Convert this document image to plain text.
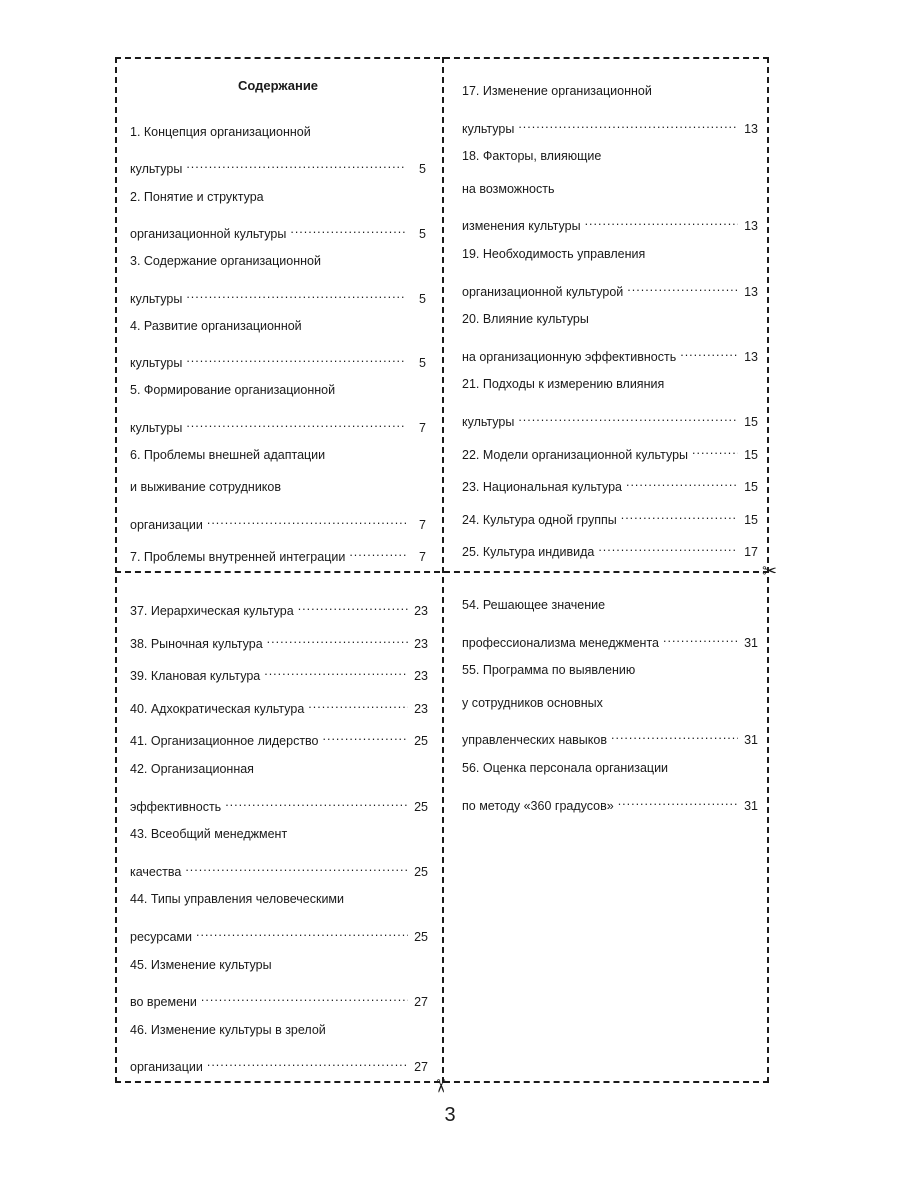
✂
✂
Содержание
1. Концепция организационной
культуры .....	5
2. Понятие и структура
организационной культуры .....	5
3. Содержание организационной
культуры .....	5
4. Развитие организационной
культуры .....	5
5. Формирование организационной
культуры .....	7
6. Проблемы внешней адаптации
и выживание сотрудников
организации .....	7
7. Проблемы внутренней интеграции .....	7
17. Изменение организационной
культуры .....	13
18. Факторы, влияющие
на возможность
изменения культуры .....	13
19. Необходимость управления
организационной культурой .....	13
20. Влияние культуры
на организационную эффективность .....	13
21. Подходы к измерению влияния
культуры .....	15
22. Модели организационной культуры .....	15
23. Национальная культура .....	15
24. Культура одной группы .....	15
25. Культура индивида .....	17
37. Иерархическая культура .....	23
38. Рыночная культура .....	23
39. Клановая культура .....	23
40. Адхократическая культура .....	23
41. Организационное лидерство .....	25
42. Организационная
эффективность .....	25
43. Всеобщий менеджмент
качества .....	25
44. Типы управления человеческими
ресурсами .....	25
45. Изменение культуры
во времени .....	27
46. Изменение культуры в зрелой
организации .....	27
54. Решающее значение
профессионализма менеджмента .....	31
55. Программа по выявлению
у сотрудников основных
управленческих навыков .....	31
56. Оценка персонала организации
по методу «360 градусов» .....	31
3
